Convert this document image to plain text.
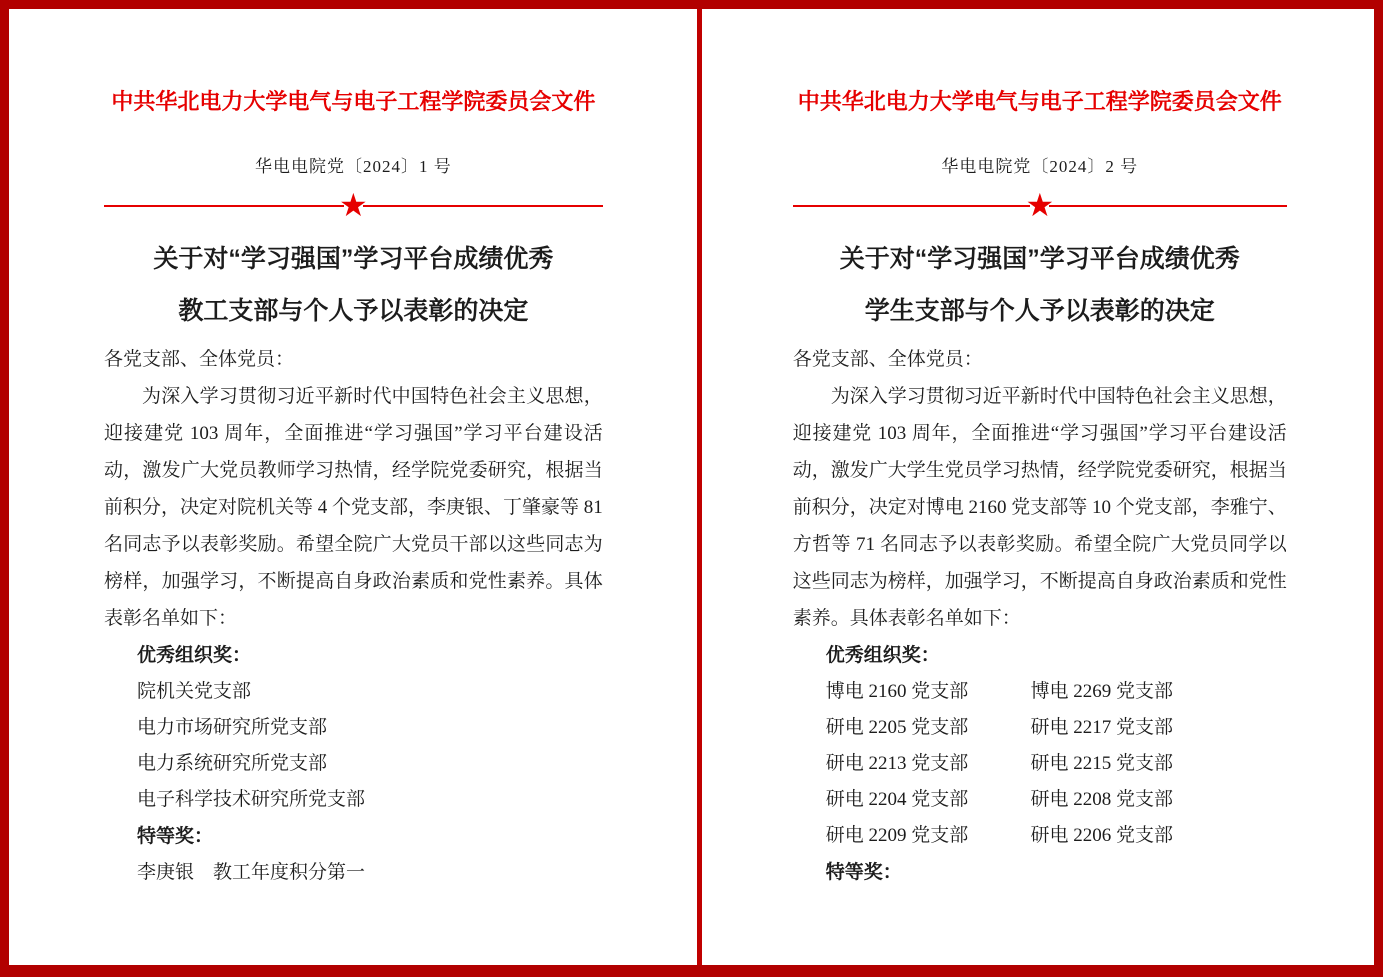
中共华北电力大学电气与电子工程学院委员会文件
华电电院党〔2024〕1 号
★
关于对“学习强国”学习平台成绩优秀
教工支部与个人予以表彰的决定
各党支部、全体党员：
为深入学习贯彻习近平新时代中国特色社会主义思想，
迎接建党 103 周年，全面推进“学习强国”学习平台建设活
动，激发广大党员教师学习热情，经学院党委研究，根据当
前积分，决定对院机关等 4 个党支部，李庚银、丁肇豪等 81
名同志予以表彰奖励。希望全院广大党员干部以这些同志为
榜样，加强学习，不断提高自身政治素质和党性素养。具体
表彰名单如下：
优秀组织奖：
院机关党支部
电力市场研究所党支部
电力系统研究所党支部
电子科学技术研究所党支部
特等奖：
李庚银　教工年度积分第一
中共华北电力大学电气与电子工程学院委员会文件
华电电院党〔2024〕2 号
★
关于对“学习强国”学习平台成绩优秀
学生支部与个人予以表彰的决定
各党支部、全体党员：
为深入学习贯彻习近平新时代中国特色社会主义思想，
迎接建党 103 周年，全面推进“学习强国”学习平台建设活
动，激发广大学生党员学习热情，经学院党委研究，根据当
前积分，决定对博电 2160 党支部等 10 个党支部，李雅宁、
方哲等 71 名同志予以表彰奖励。希望全院广大党员同学以
这些同志为榜样，加强学习，不断提高自身政治素质和党性
素养。具体表彰名单如下：
优秀组织奖：
博电 2160 党支部	博电 2269 党支部
研电 2205 党支部	研电 2217 党支部
研电 2213 党支部	研电 2215 党支部
研电 2204 党支部	研电 2208 党支部
研电 2209 党支部	研电 2206 党支部
特等奖：
